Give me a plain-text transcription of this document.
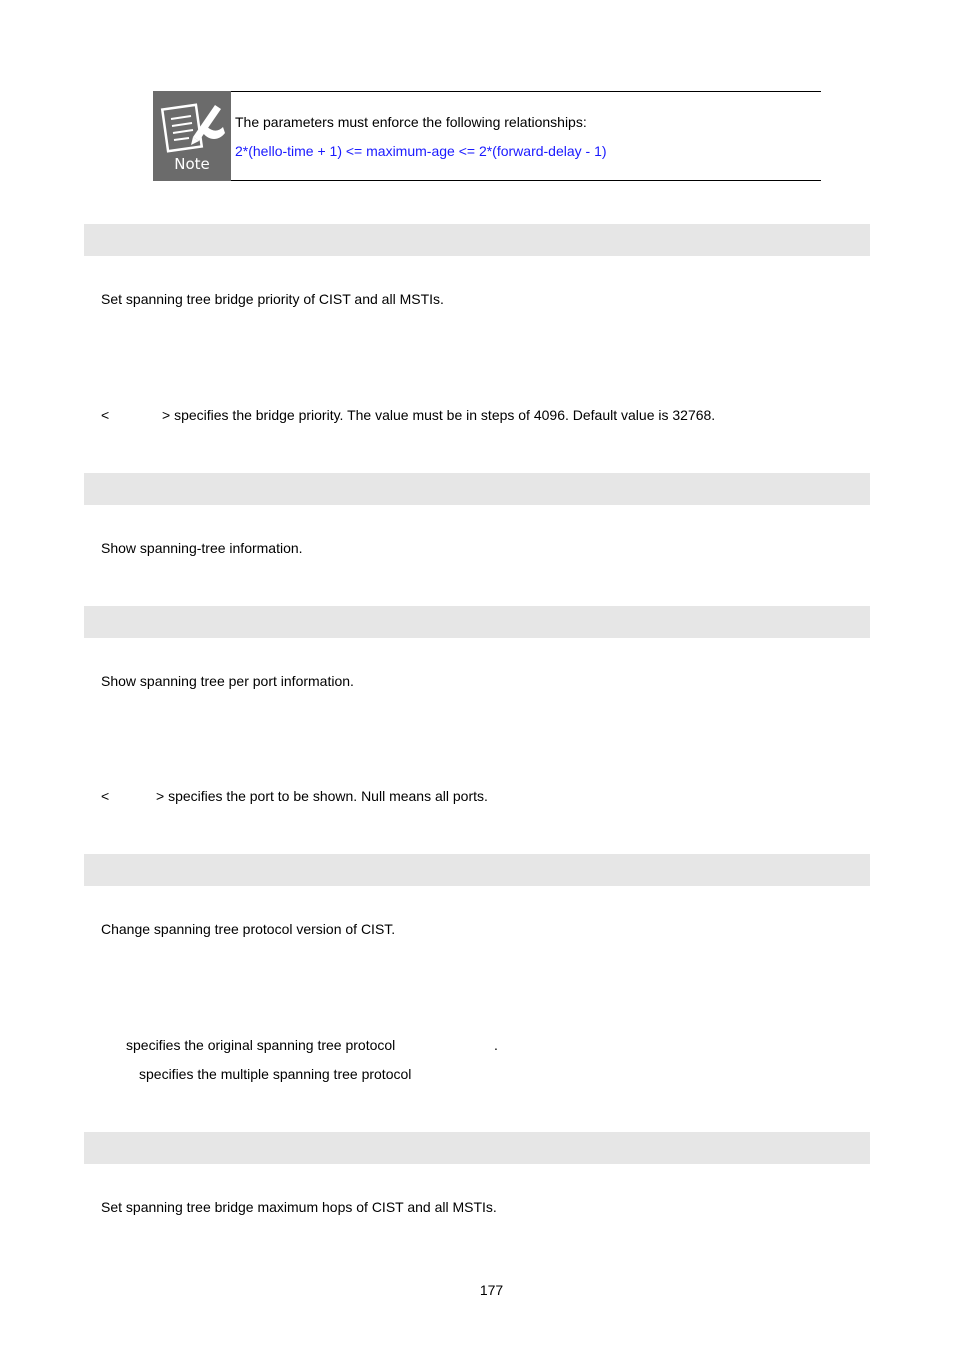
Note
The parameters must enforce the following relationships:
2*(hello-time + 1) <= maximum-age <= 2*(forward-delay - 1)
Set spanning tree bridge priority of CIST and all MSTIs.
<	> specifies the bridge priority. The value must be in steps of 4096. Default value is 32768.
Show spanning-tree information.
Show spanning tree per port information.
<	> specifies the port to be shown. Null means all ports.
Change spanning tree protocol version of CIST.
specifies the original spanning tree protocol	.
specifies the multiple spanning tree protocol
Set spanning tree bridge maximum hops of CIST and all MSTIs.
177
